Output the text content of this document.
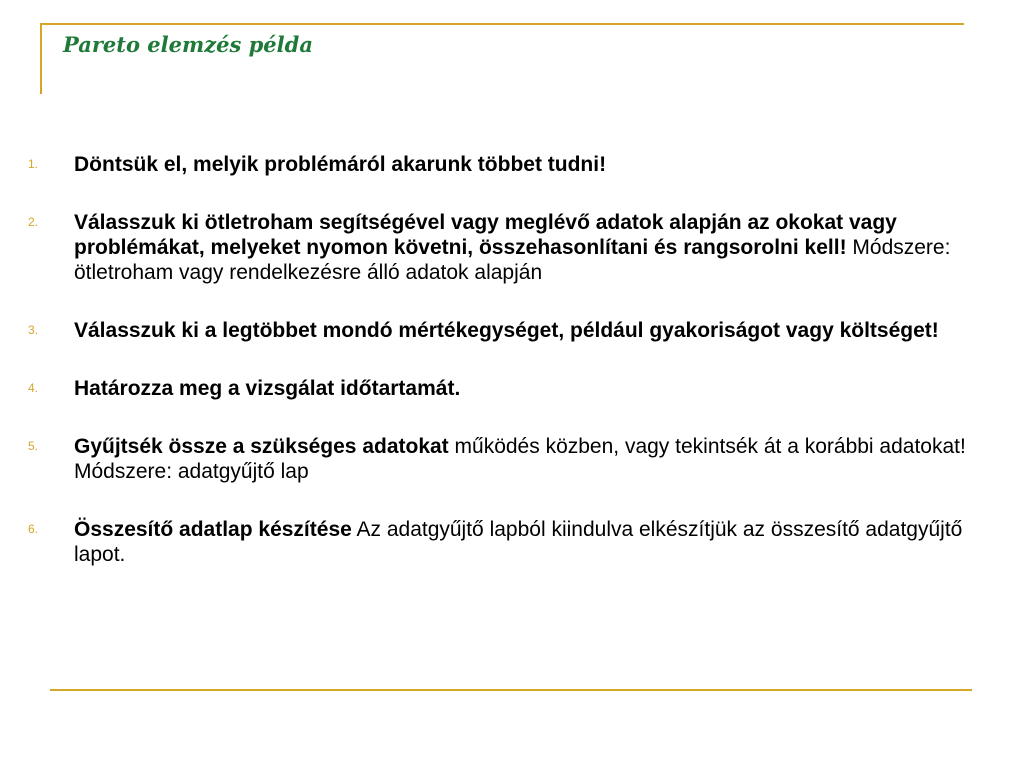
Pareto elemzés példa
1. Döntsük el, melyik problémáról akarunk többet tudni!
2. Válasszuk ki ötletroham segítségével vagy meglévő adatok alapján az okokat vagy problémákat, melyeket nyomon követni, összehasonlítani és rangsorolni kell! Módszere: ötletroham vagy rendelkezésre álló adatok alapján
3. Válasszuk ki a legtöbbet mondó mértékegységet, például gyakoriságot vagy költséget!
4. Határozza meg a vizsgálat időtartamát.
5. Gyűjtsék össze a szükséges adatokat működés közben, vagy tekintsék át a korábbi adatokat! Módszere: adatgyűjtő lap
6. Összesítő adatlap készítése Az adatgyűjtő lapból kiindulva elkészítjük az összesítő adatgyűjtő lapot.
